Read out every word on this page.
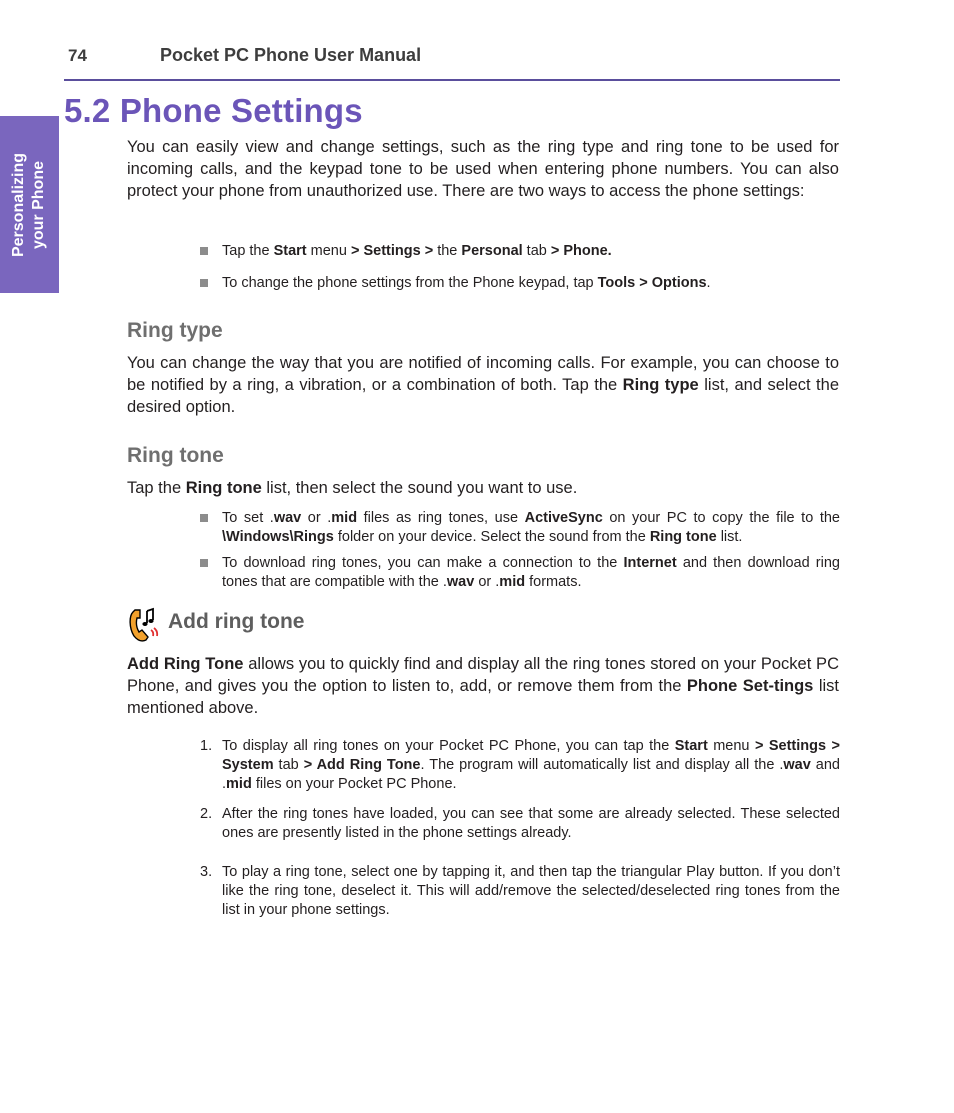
74	Pocket PC Phone User Manual
Personalizing your Phone
5.2 Phone Settings

You can easily view and change settings, such as the ring type and ring tone to be used for incoming calls, and the keypad tone to be used when entering phone numbers. You can also protect your phone from unauthorized use. There are two ways to access the phone settings:

Tap the Start menu > Settings > the Personal tab > Phone.
To change the phone settings from the Phone keypad, tap Tools > Options.
Ring type

You can change the way that you are notified of incoming calls. For example, you can choose to be notified by a ring, a vibration, or a combination of both. Tap the Ring type list, and select the desired option.

Ring tone

Tap the Ring tone list, then select the sound you want to use.

To set .wav or .mid files as ring tones, use ActiveSync on your PC to copy the file to the \Windows\Rings folder on your device. Select the sound from the Ring tone list.
To download ring tones, you can make a connection to the Internet and then download ring tones that are compatible with the .wav or .mid formats.
Add ring tone

Add Ring Tone allows you to quickly find and display all the ring tones stored on your Pocket PC Phone, and gives you the option to listen to, add, or remove them from the Phone Set-tings list mentioned above.

1. To display all ring tones on your Pocket PC Phone, you can tap the Start menu > Settings > System tab > Add Ring Tone. The program will automatically list and display all the .wav and .mid files on your Pocket PC Phone.
2. After the ring tones have loaded, you can see that some are already selected. These selected ones are presently listed in the phone settings already.
3. To play a ring tone, select one by tapping it, and then tap the triangular Play button. If you don’t like the ring tone, deselect it. This will add/remove the selected/deselected ring tones from the list in your phone settings.
